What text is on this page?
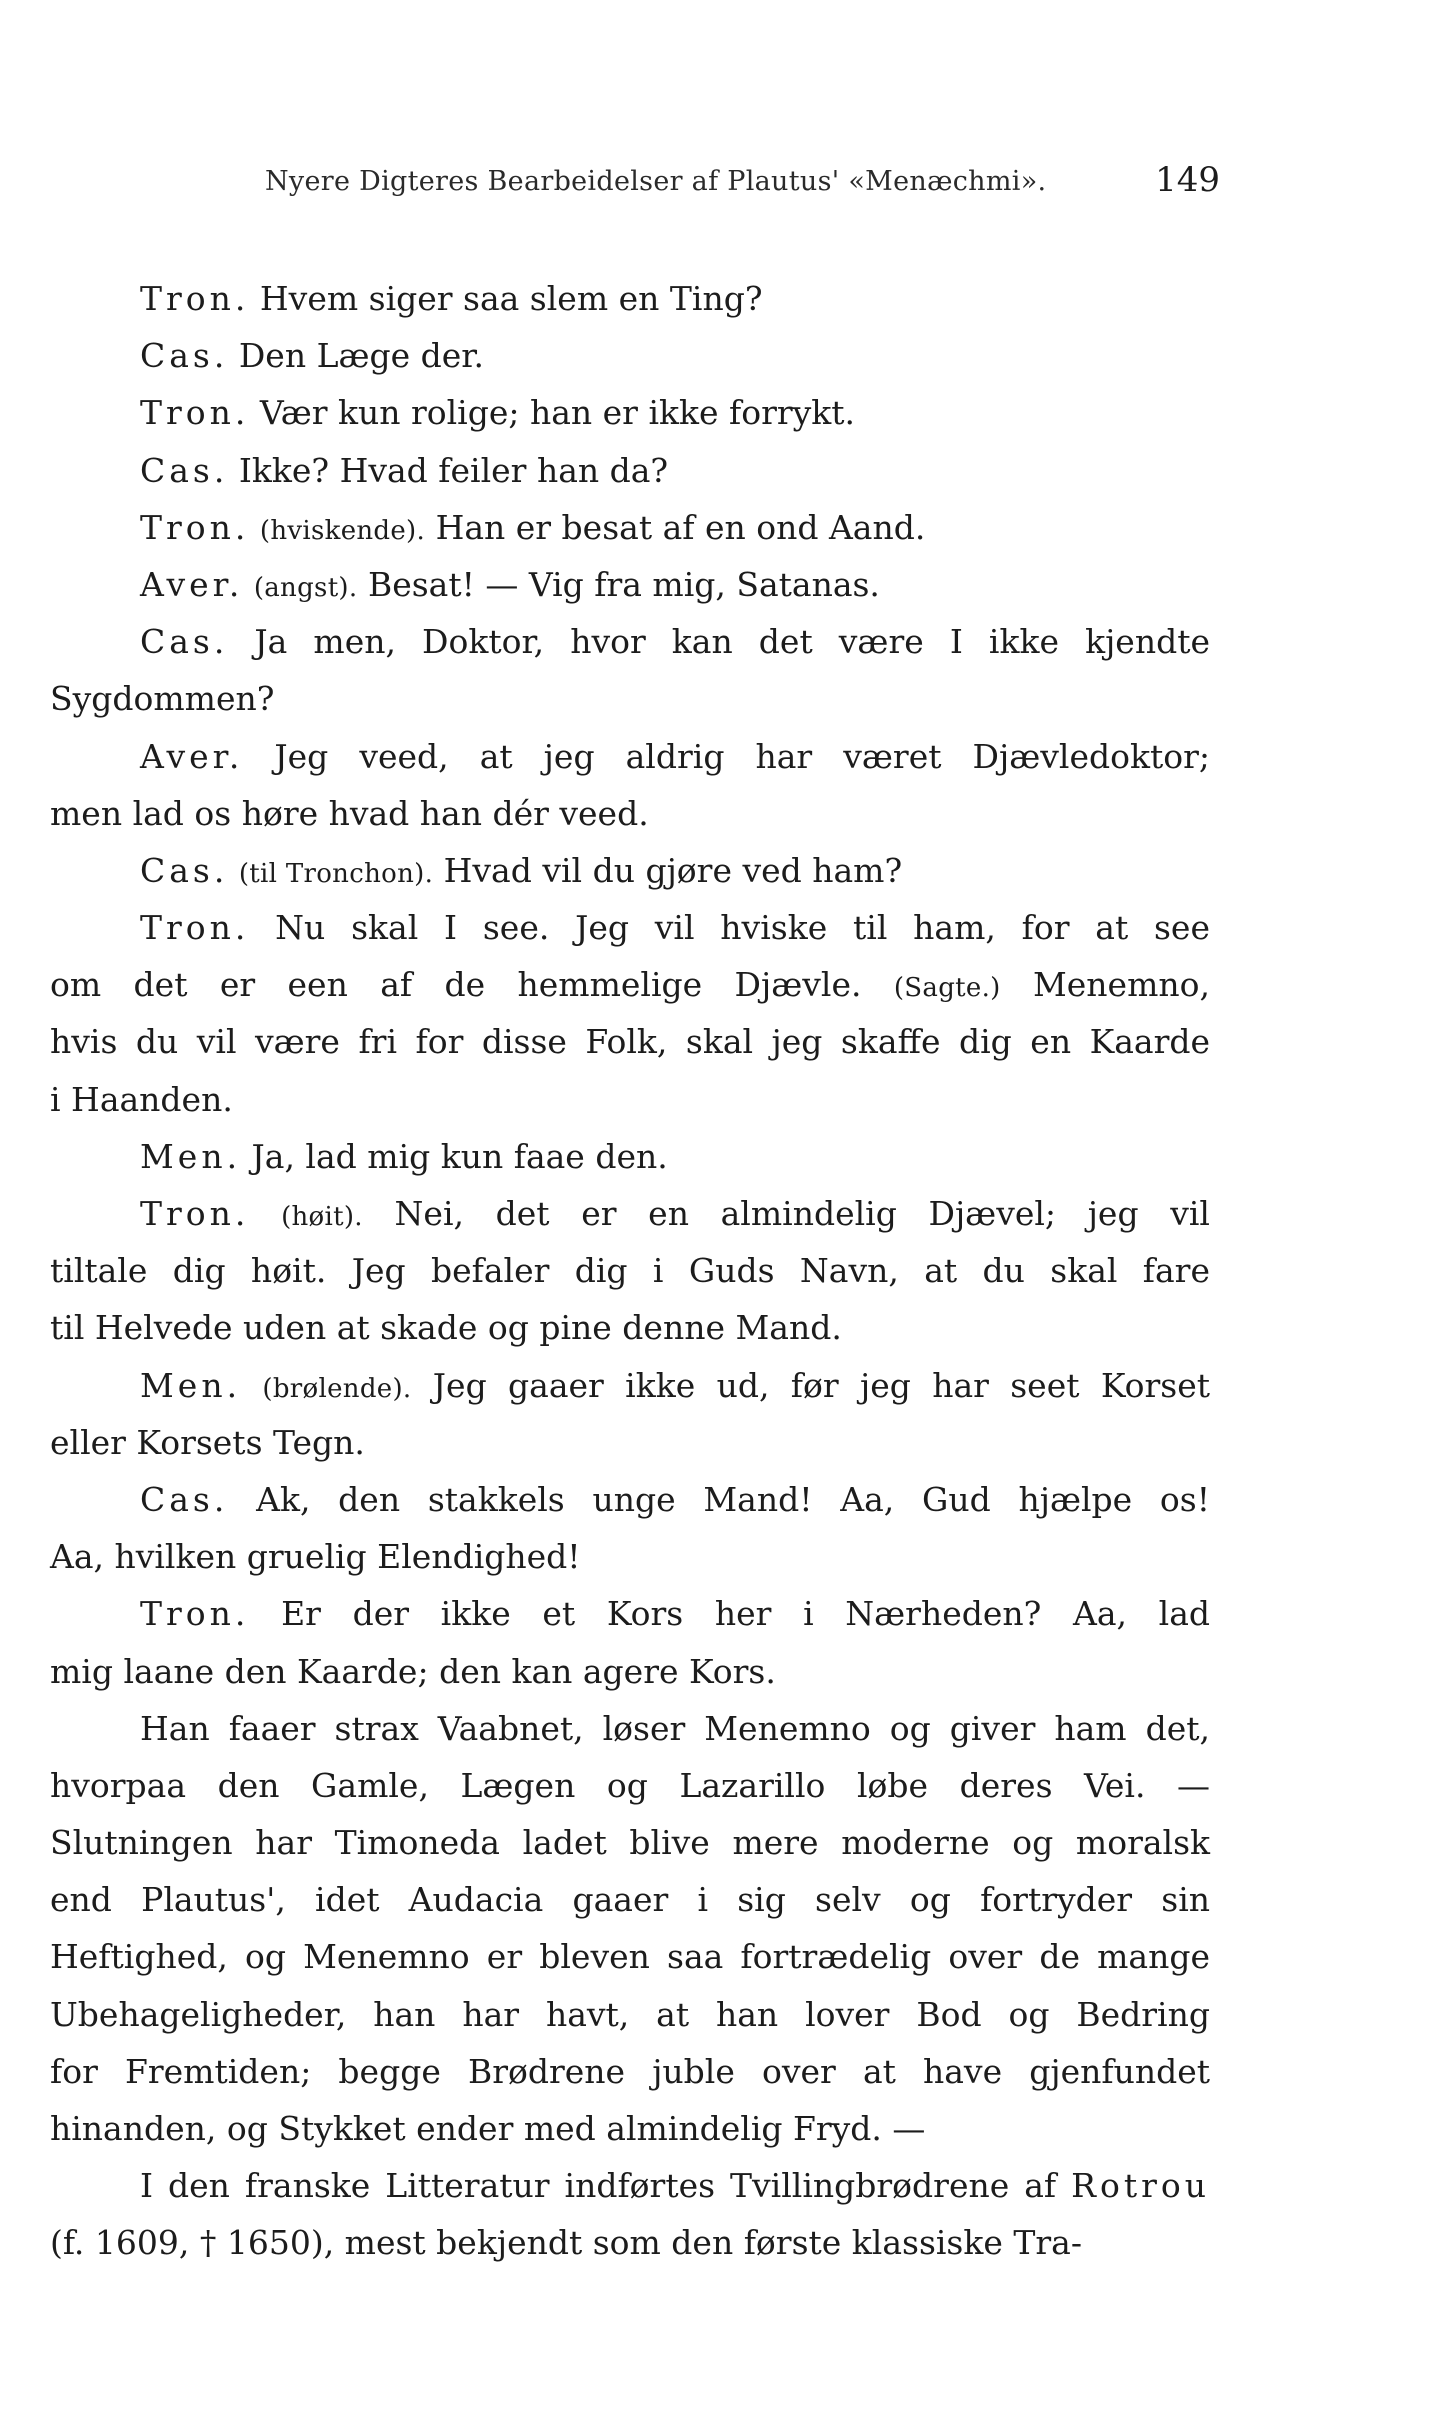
Nyere Digteres Bearbeidelser af Plautus' «Menæchmi».	149
Tron. Hvem siger saa slem en Ting?
Cas. Den Læge der.
Tron. Vær kun rolige; han er ikke forrykt.
Cas. Ikke? Hvad feiler han da?
Tron. (hviskende). Han er besat af en ond Aand.
Aver. (angst). Besat! — Vig fra mig, Satanas.
Cas. Ja men, Doktor, hvor kan det være I ikke kjendte
Sygdommen?
Aver. Jeg veed, at jeg aldrig har været Djævledoktor;
men lad os høre hvad han dér veed.
Cas. (til Tronchon). Hvad vil du gjøre ved ham?
Tron. Nu skal I see. Jeg vil hviske til ham, for at see
om det er een af de hemmelige Djævle. (Sagte.) Menemno,
hvis du vil være fri for disse Folk, skal jeg skaffe dig en Kaarde
i Haanden.
Men. Ja, lad mig kun faae den.
Tron. (høit). Nei, det er en almindelig Djævel; jeg vil
tiltale dig høit. Jeg befaler dig i Guds Navn, at du skal fare
til Helvede uden at skade og pine denne Mand.
Men. (brølende). Jeg gaaer ikke ud, før jeg har seet Korset
eller Korsets Tegn.
Cas. Ak, den stakkels unge Mand! Aa, Gud hjælpe os!
Aa, hvilken gruelig Elendighed!
Tron. Er der ikke et Kors her i Nærheden? Aa, lad
mig laane den Kaarde; den kan agere Kors.
Han faaer strax Vaabnet, løser Menemno og giver ham det,
hvorpaa den Gamle, Lægen og Lazarillo løbe deres Vei. —
Slutningen har Timoneda ladet blive mere moderne og moralsk
end Plautus', idet Audacia gaaer i sig selv og fortryder sin
Heftighed, og Menemno er bleven saa fortrædelig over de mange
Ubehageligheder, han har havt, at han lover Bod og Bedring
for Fremtiden; begge Brødrene juble over at have gjenfundet
hinanden, og Stykket ender med almindelig Fryd. —
I den franske Litteratur indførtes Tvillingbrødrene af Rotrou
(f. 1609, † 1650), mest bekjendt som den første klassiske Tra-
